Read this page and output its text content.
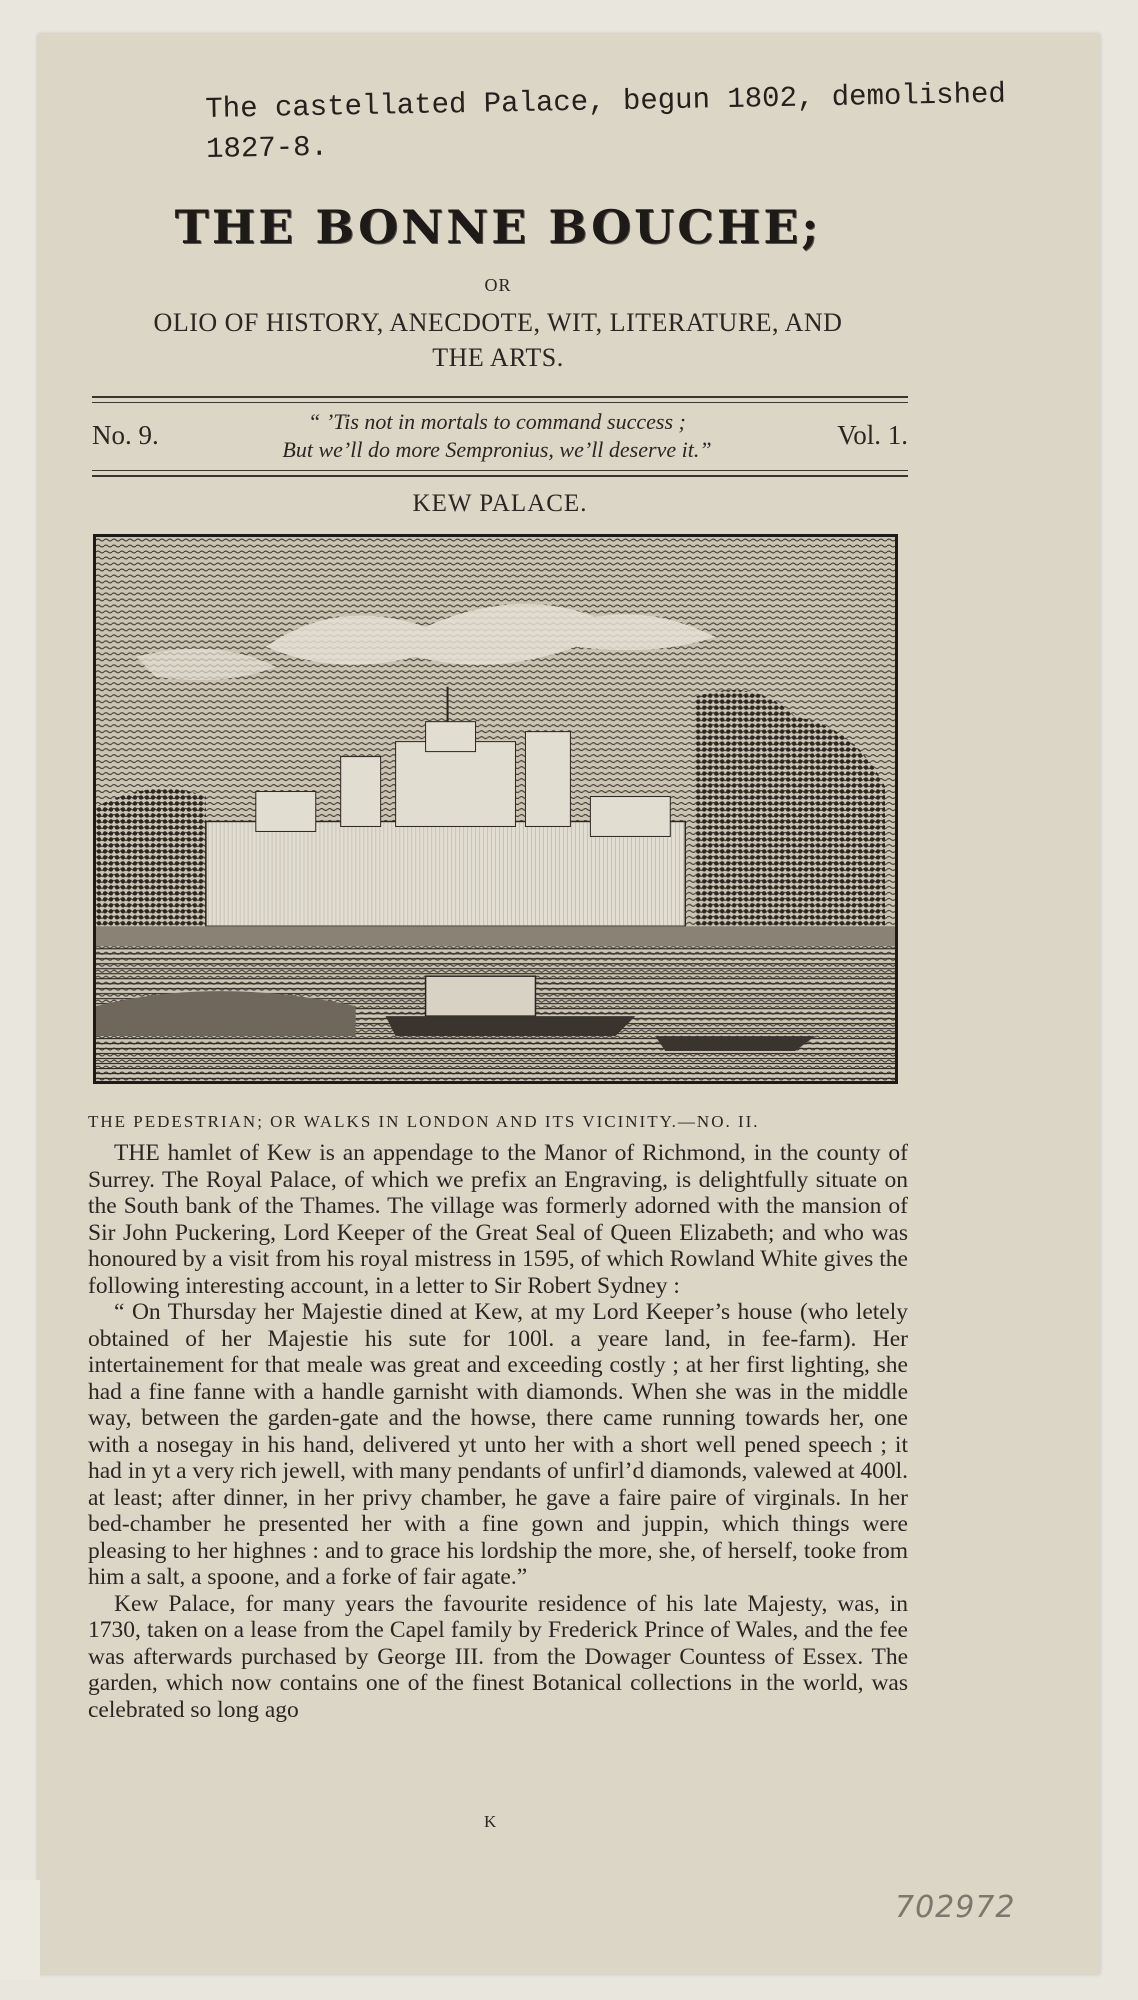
The castellated Palace, begun 1802, demolished
1827-8.
THE BONNE BOUCHE;
OR
OLIO OF HISTORY, ANECDOTE, WIT, LITERATURE, AND
THE ARTS.
No. 9.	“ ’Tis not in mortals to command success ;
But we’ll do more Sempronius, we’ll deserve it.”	Vol. 1.
KEW PALACE.
THE PEDESTRIAN; OR WALKS IN LONDON AND ITS VICINITY.—NO. II.

THE hamlet of Kew is an appendage to the Manor of Richmond, in the county of Surrey. The Royal Palace, of which we prefix an Engraving, is delightfully situate on the South bank of the Thames. The village was formerly adorned with the mansion of Sir John Puckering, Lord Keeper of the Great Seal of Queen Elizabeth; and who was honoured by a visit from his royal mistress in 1595, of which Rowland White gives the following interesting account, in a letter to Sir Robert Sydney :

“ On Thursday her Majestie dined at Kew, at my Lord Keeper’s house (who letely obtained of her Majestie his sute for 100l. a yeare land, in fee-farm). Her intertainement for that meale was great and exceeding costly ; at her first lighting, she had a fine fanne with a handle garnisht with diamonds. When she was in the middle way, between the garden-gate and the howse, there came running towards her, one with a nosegay in his hand, delivered yt unto her with a short well pened speech ; it had in yt a very rich jewell, with many pendants of unfirl’d diamonds, valewed at 400l. at least; after dinner, in her privy chamber, he gave a faire paire of virginals. In her bed-chamber he presented her with a fine gown and juppin, which things were pleasing to her highnes : and to grace his lordship the more, she, of herself, tooke from him a salt, a spoone, and a forke of fair agate.”

Kew Palace, for many years the favourite residence of his late Majesty, was, in 1730, taken on a lease from the Capel family by Frederick Prince of Wales, and the fee was afterwards purchased by George III. from the Dowager Countess of Essex. The garden, which now contains one of the finest Botanical collections in the world, was celebrated so long ago

K
702972
